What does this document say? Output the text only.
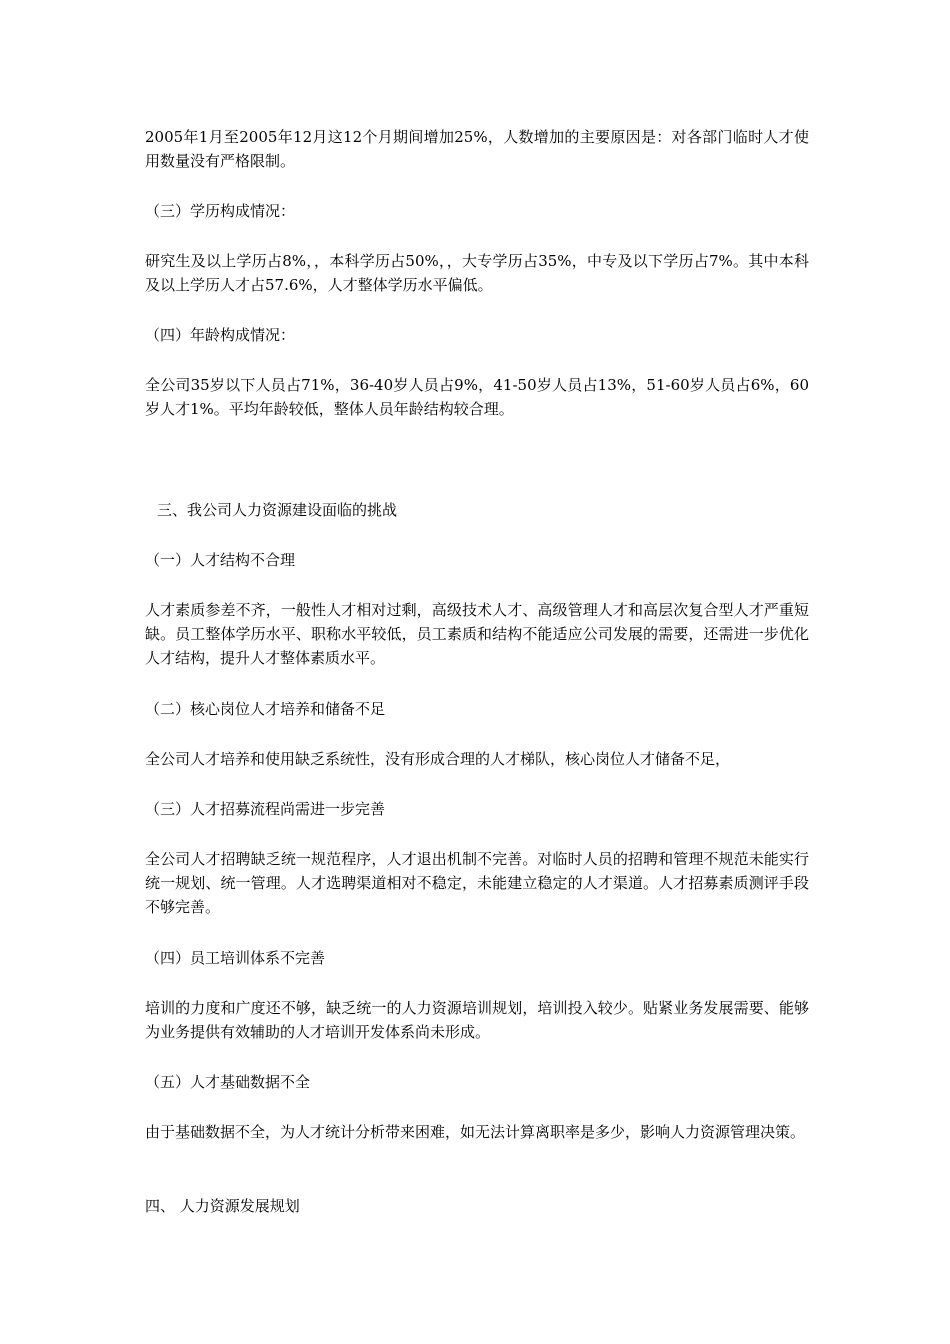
2005年1月至2005年12月这12个月期间增加25%，人数增加的主要原因是：对各部门临时人才使用数量没有严格限制。

（三）学历构成情况：

研究生及以上学历占8%，，本科学历占50%，，大专学历占35%，中专及以下学历占7%。其中本科及以上学历人才占57.6%，人才整体学历水平偏低。

（四）年龄构成情况：

全公司35岁以下人员占71%，36-40岁人员占9%，41-50岁人员占13%，51-60岁人员占6%，60岁人才1%。平均年龄较低，整体人员年龄结构较合理。

三、我公司人力资源建设面临的挑战

（一）人才结构不合理

人才素质参差不齐，一般性人才相对过剩，高级技术人才、高级管理人才和高层次复合型人才严重短缺。员工整体学历水平、职称水平较低，员工素质和结构不能适应公司发展的需要，还需进一步优化人才结构，提升人才整体素质水平。

（二）核心岗位人才培养和储备不足

全公司人才培养和使用缺乏系统性，没有形成合理的人才梯队，核心岗位人才储备不足，

（三）人才招募流程尚需进一步完善

全公司人才招聘缺乏统一规范程序，人才退出机制不完善。对临时人员的招聘和管理不规范未能实行统一规划、统一管理。人才选聘渠道相对不稳定，未能建立稳定的人才渠道。人才招募素质测评手段不够完善。

（四）员工培训体系不完善

培训的力度和广度还不够，缺乏统一的人力资源培训规划，培训投入较少。贴紧业务发展需要、能够为业务提供有效辅助的人才培训开发体系尚未形成。

（五）人才基础数据不全

由于基础数据不全，为人才统计分析带来困难，如无法计算离职率是多少，影响人力资源管理决策。

四、 人力资源发展规划
